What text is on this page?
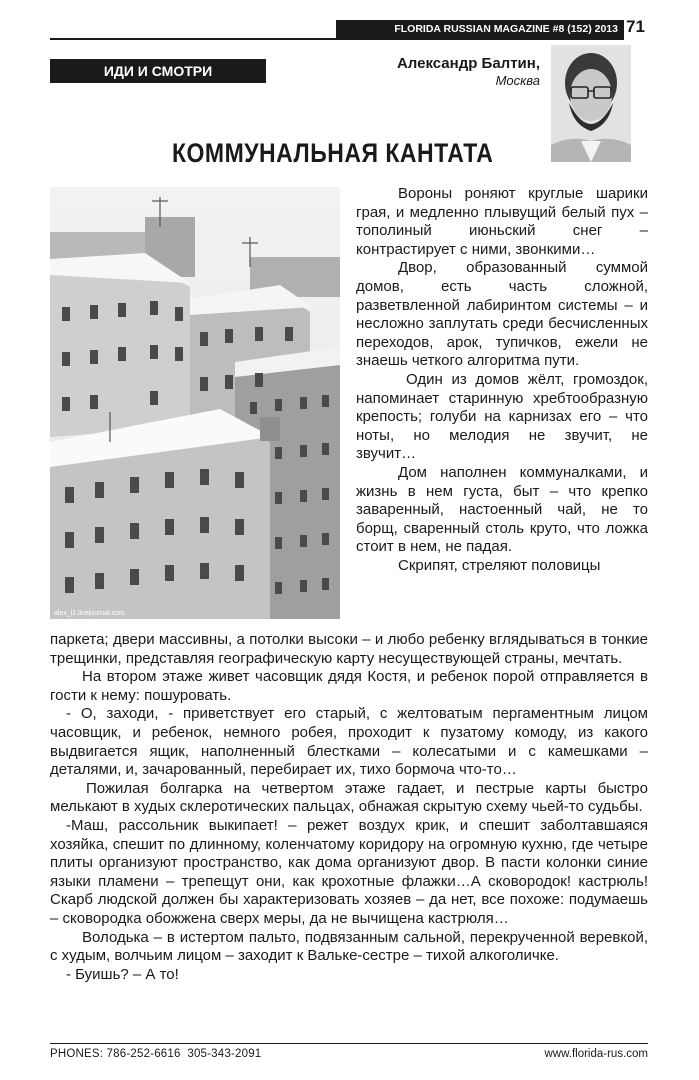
FLORIDA RUSSIAN MAGAZINE #8 (152) 2013 71
ИДИ И СМОТРИ	Александр Балтин,
Москва
КОММУНАЛЬНАЯ КАНТАТА
alex_l1.livejournal.com

Вороны роняют круглые шарики грая, и медленно плывущий белый пух – тополиный июньский снег – контрастирует с ними, звонкими…

Двор, образованный суммой домов, есть часть сложной, разветвленной лабиринтом системы – и несложно заплутать среди бесчисленных переходов, арок, тупичков, ежели не знаешь четкого алгоритма пути.

Один из домов жёлт, громоздок, напоминает старинную хребтообразную крепость; голуби на карнизах его – что ноты, но мелодия не звучит, не звучит…

Дом наполнен коммуналками, и жизнь в нем густа, быт – что крепко заваренный, настоенный чай, не то борщ, сваренный столь круто, что ложка стоит в нем, не падая.

Скрипят, стреляют половицы

паркета; двери массивны, а потолки высоки – и любо ребенку вглядываться в тонкие трещинки, представляя географическую карту несуществующей страны, мечтать.

На втором этаже живет часовщик дядя Костя, и ребенок порой отправляется в гости к нему: пошуровать.

- О, заходи, - приветствует его старый, с желтоватым пергаментным лицом часовщик, и ребенок, немного робея, проходит к пузатому комоду, из какого выдвигается ящик, наполненный блестками – колесатыми и с камешками – деталями, и, зачарованный, перебирает их, тихо бормоча что-то…

Пожилая болгарка на четвертом этаже гадает, и пестрые карты быстро мелькают в худых склеротических пальцах, обнажая скрытую схему чьей-то судьбы.

-Маш, рассольник выкипает! – режет воздух крик, и спешит заболтавшаяся хозяйка, спешит по длинному, коленчатому коридору на огромную кухню, где четыре плиты организуют пространство, как дома организуют двор. В пасти колонки синие языки пламени – трепещут они, как крохотные флажки…А сковородок! кастрюль! Скарб людской должен бы характеризовать хозяев – да нет, все похоже: подумаешь – сковородка обожжена сверх меры, да не вычищена кастрюля…

Володька – в истертом пальто, подвязанным сальной, перекрученной веревкой, с худым, волчьим лицом – заходит к Вальке-сестре – тихой алкоголичке.

- Буишь? – А то!

PHONES: 786-252-6616  305-343-2091	www.florida-rus.com
